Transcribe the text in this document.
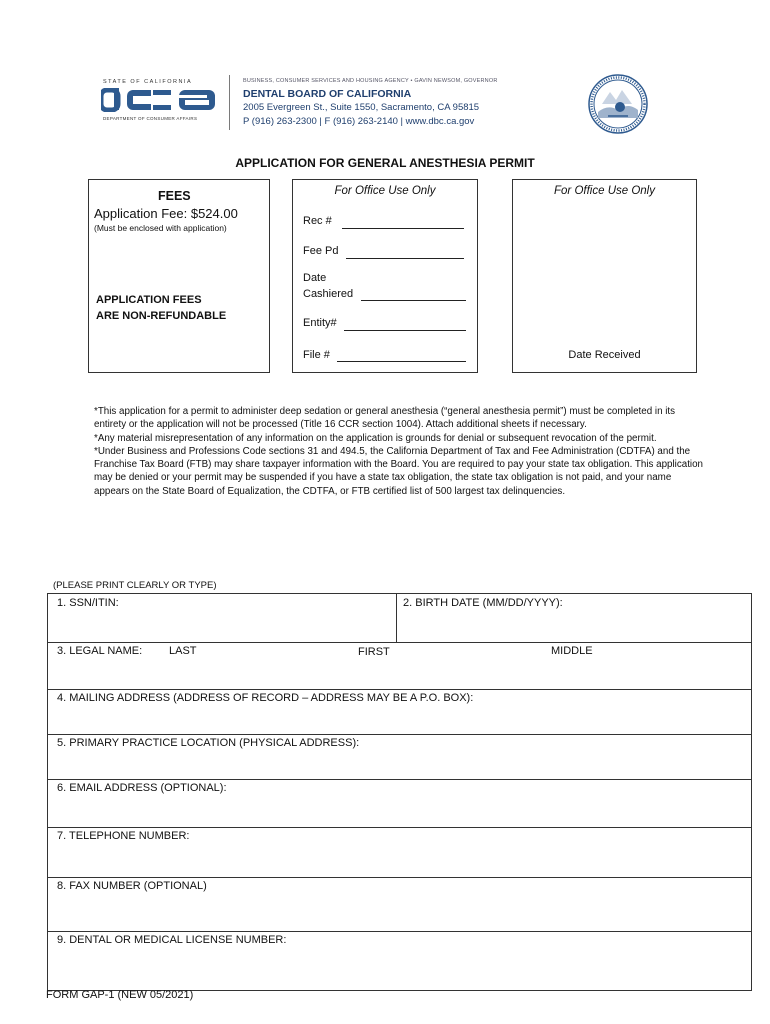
STATE OF CALIFORNIA
DEPARTMENT OF CONSUMER AFFAIRS
BUSINESS, CONSUMER SERVICES AND HOUSING AGENCY • GAVIN NEWSOM, GOVERNOR
DENTAL BOARD OF CALIFORNIA
2005 Evergreen St., Suite 1550, Sacramento, CA 95815
P (916) 263-2300 | F (916) 263-2140 | www.dbc.ca.gov
APPLICATION FOR GENERAL ANESTHESIA PERMIT
FEES
Application Fee: $524.00
(Must be enclosed with application)
APPLICATION FEES
ARE NON-REFUNDABLE
For Office Use Only
Rec #
Fee Pd
Date
Cashiered
Entity#
File #
For Office Use Only
Date Received

*This application for a permit to administer deep sedation or general anesthesia (“general anesthesia permit”) must be completed in its entirety or the application will not be processed (Title 16 CCR section 1004). Attach additional sheets if necessary.

*Any material misrepresentation of any information on the application is grounds for denial or subsequent revocation of the permit.

*Under Business and Professions Code sections 31 and 494.5, the California Department of Tax and Fee Administration (CDTFA) and the Franchise Tax Board (FTB) may share taxpayer information with the Board. You are required to pay your state tax obligation. This application may be denied or your permit may be suspended if you have a state tax obligation, the state tax obligation is not paid, and your name appears on the State Board of Equalization, the CDTFA, or FTB certified list of 500 largest tax delinquencies.

(PLEASE PRINT CLEARLY OR TYPE)
1. SSN/ITIN:	2. BIRTH DATE (MM/DD/YYYY):
3. LEGAL NAME: LAST	FIRST	MIDDLE
4. MAILING ADDRESS (ADDRESS OF RECORD – ADDRESS MAY BE A P.O. BOX):
5. PRIMARY PRACTICE LOCATION (PHYSICAL ADDRESS):
6. EMAIL ADDRESS (OPTIONAL):
7. TELEPHONE NUMBER:
8. FAX NUMBER (OPTIONAL)
9. DENTAL OR MEDICAL LICENSE NUMBER:
FORM GAP-1 (NEW 05/2021)
